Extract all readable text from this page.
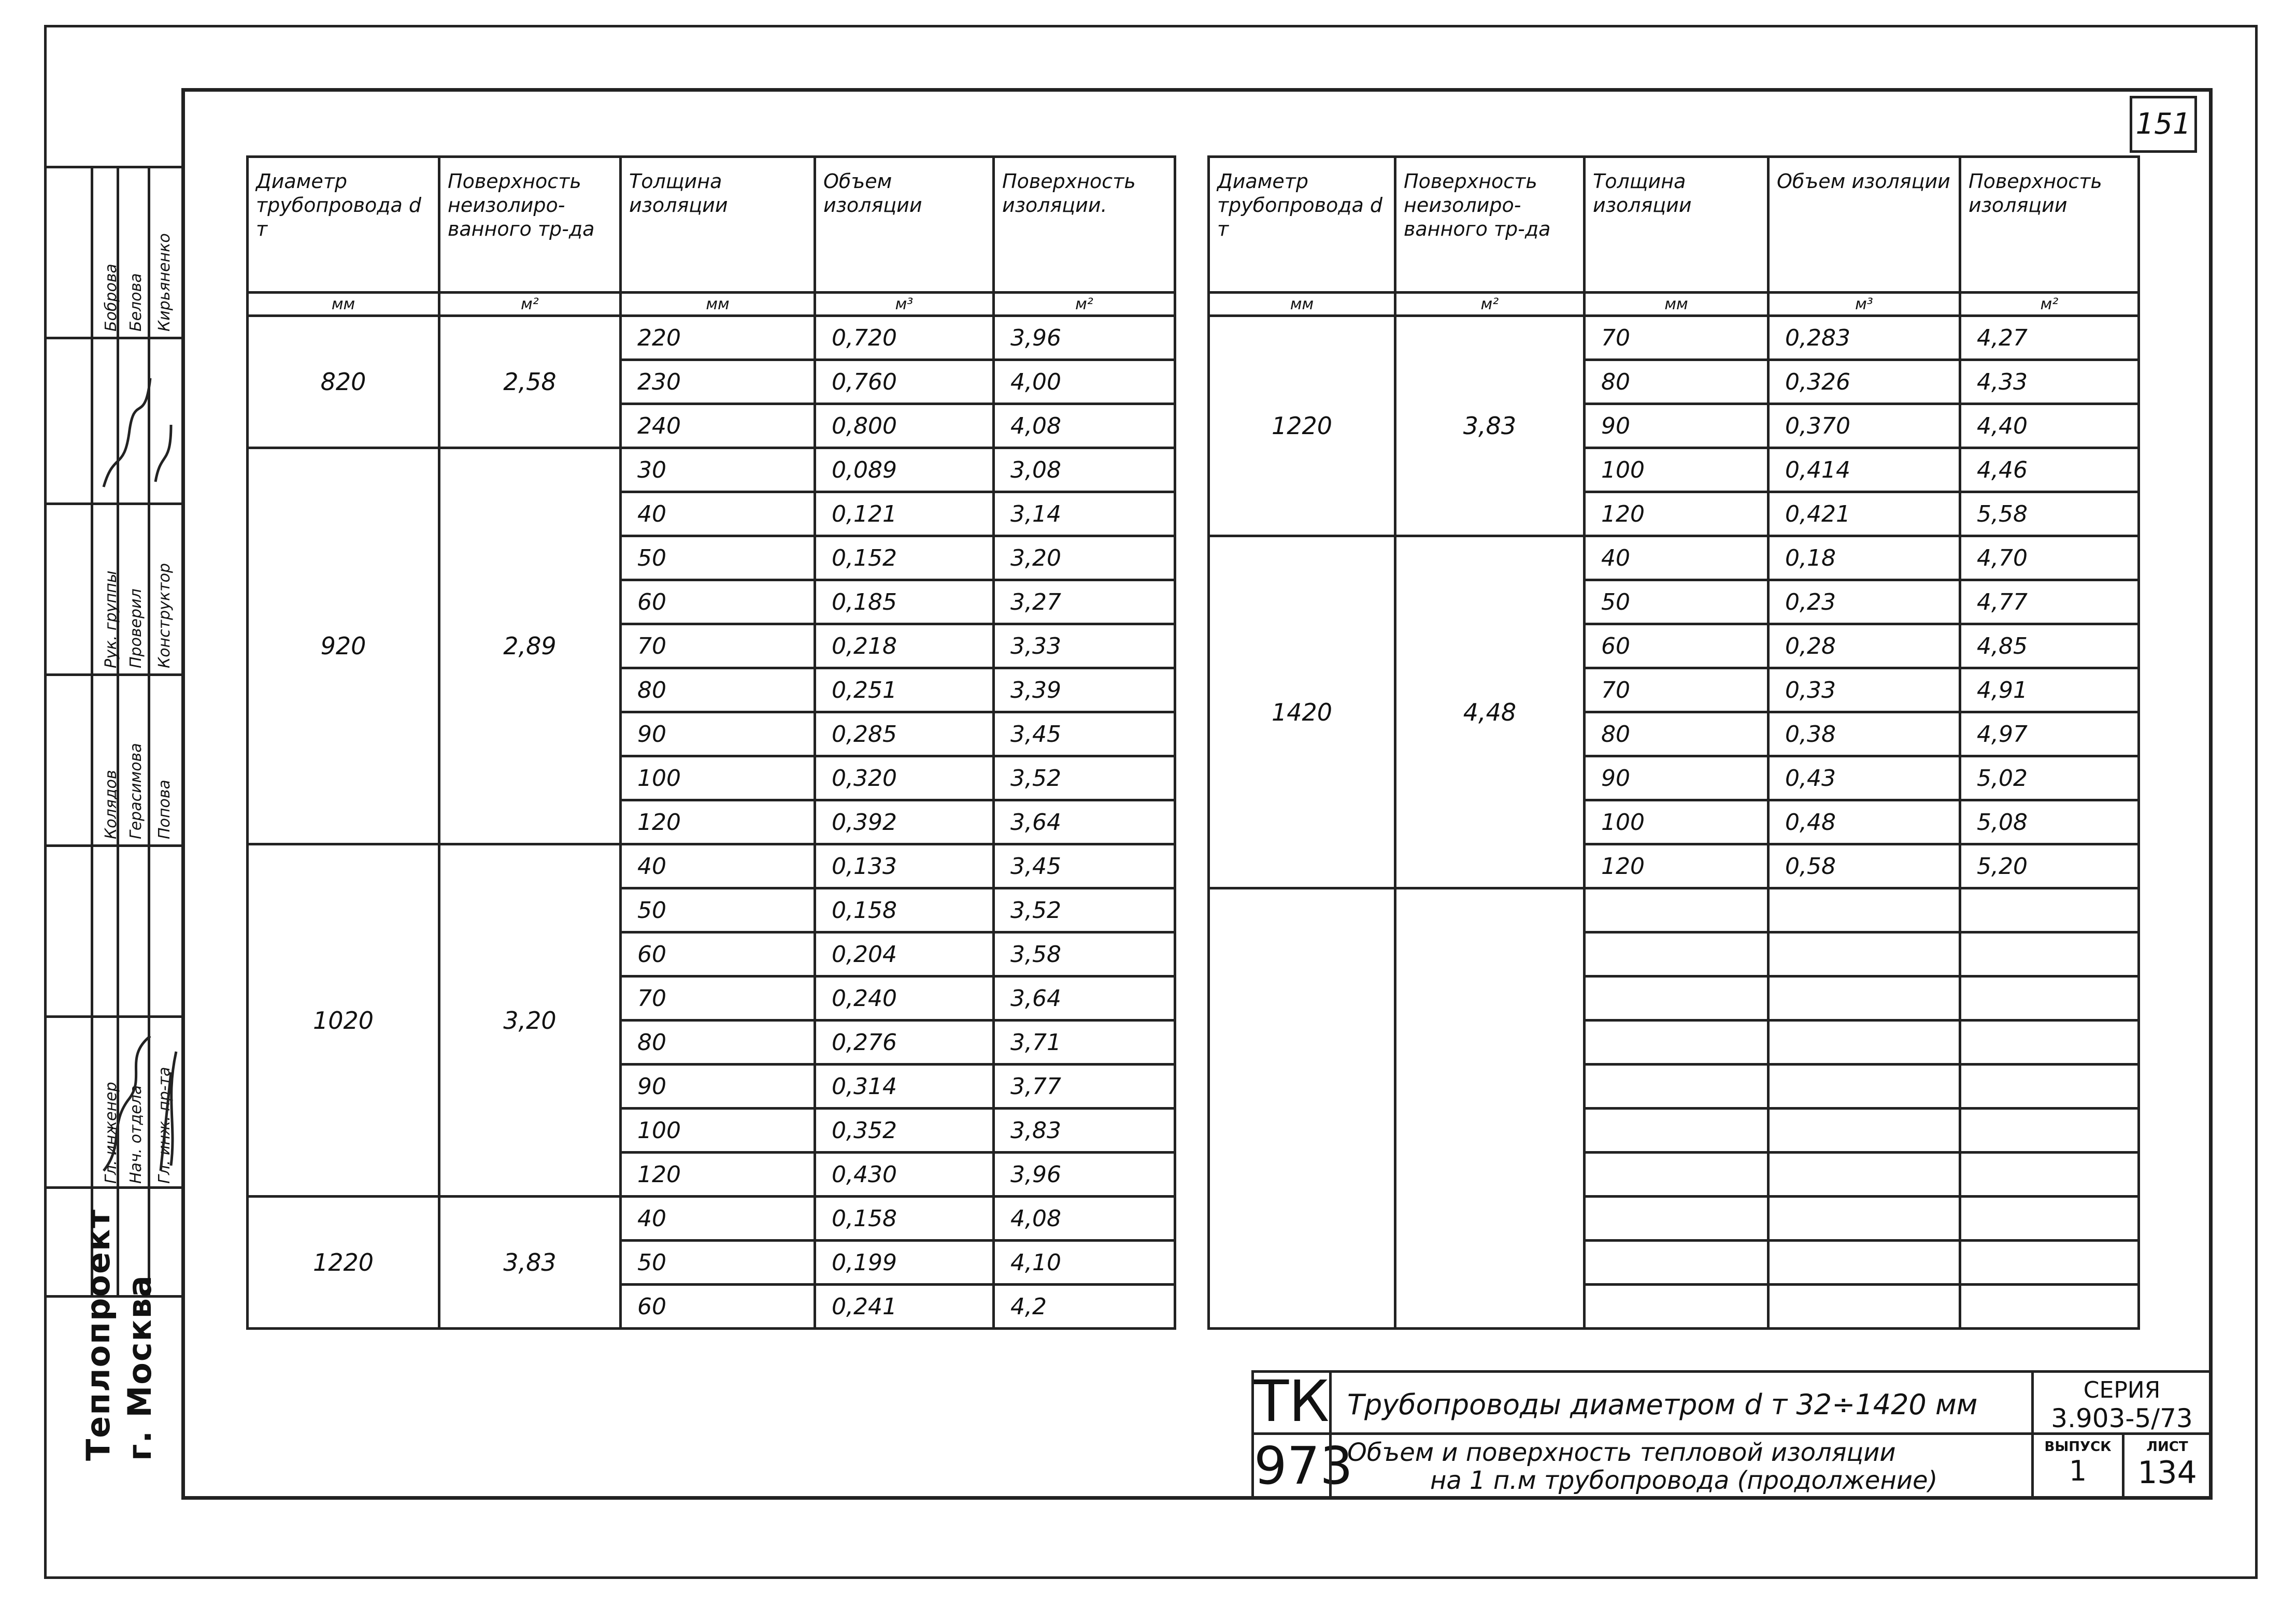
151
Гл. инженер Нач. отдела Гл. инж. пр-та
Рук. группы Проверил Конструктор
Колядов Герасимова Попова
Боброва Белова Кирьяненко
Теплопроект г. Москва
Диаметр трубопровода d т	Поверхность неизолиро- ванного тр-да	Толщина изоляции	Объем изоляции	Поверхность изоляции.
мм	м²	мм	м³	м²
820	2,58	220	0,720	3,96
		230	0,760	4,00
		240	0,800	4,08
920	2,89	30	0,089	3,08
		40	0,121	3,14
		50	0,152	3,20
		60	0,185	3,27
		70	0,218	3,33
		80	0,251	3,39
		90	0,285	3,45
		100	0,320	3,52
		120	0,392	3,64
1020	3,20	40	0,133	3,45
		50	0,158	3,52
		60	0,204	3,58
		70	0,240	3,64
		80	0,276	3,71
		90	0,314	3,77
		100	0,352	3,83
		120	0,430	3,96
1220	3,83	40	0,158	4,08
		50	0,199	4,10
		60	0,241	4,2
Диаметр трубопровода d т	Поверхность неизолиро- ванного тр-да	Толщина изоляции	Объем изоляции	Поверхность изоляции
мм	м²	мм	м³	м²
1220	3,83	70	0,283	4,27
		80	0,326	4,33
		90	0,370	4,40
		100	0,414	4,46
		120	0,421	5,58
1420	4,48	40	0,18	4,70
		50	0,23	4,77
		60	0,28	4,85
		70	0,33	4,91
		80	0,38	4,97
		90	0,43	5,02
		100	0,48	5,08
		120	0,58	5,20

ТК
973
Трубопроводы диаметром d т 32÷1420 мм
Объем и поверхность тепловой изоляции
на 1 п.м трубопровода (продолжение)
СЕРИЯ
3.903-5/73
ВЫПУСК
1
ЛИСТ
134
